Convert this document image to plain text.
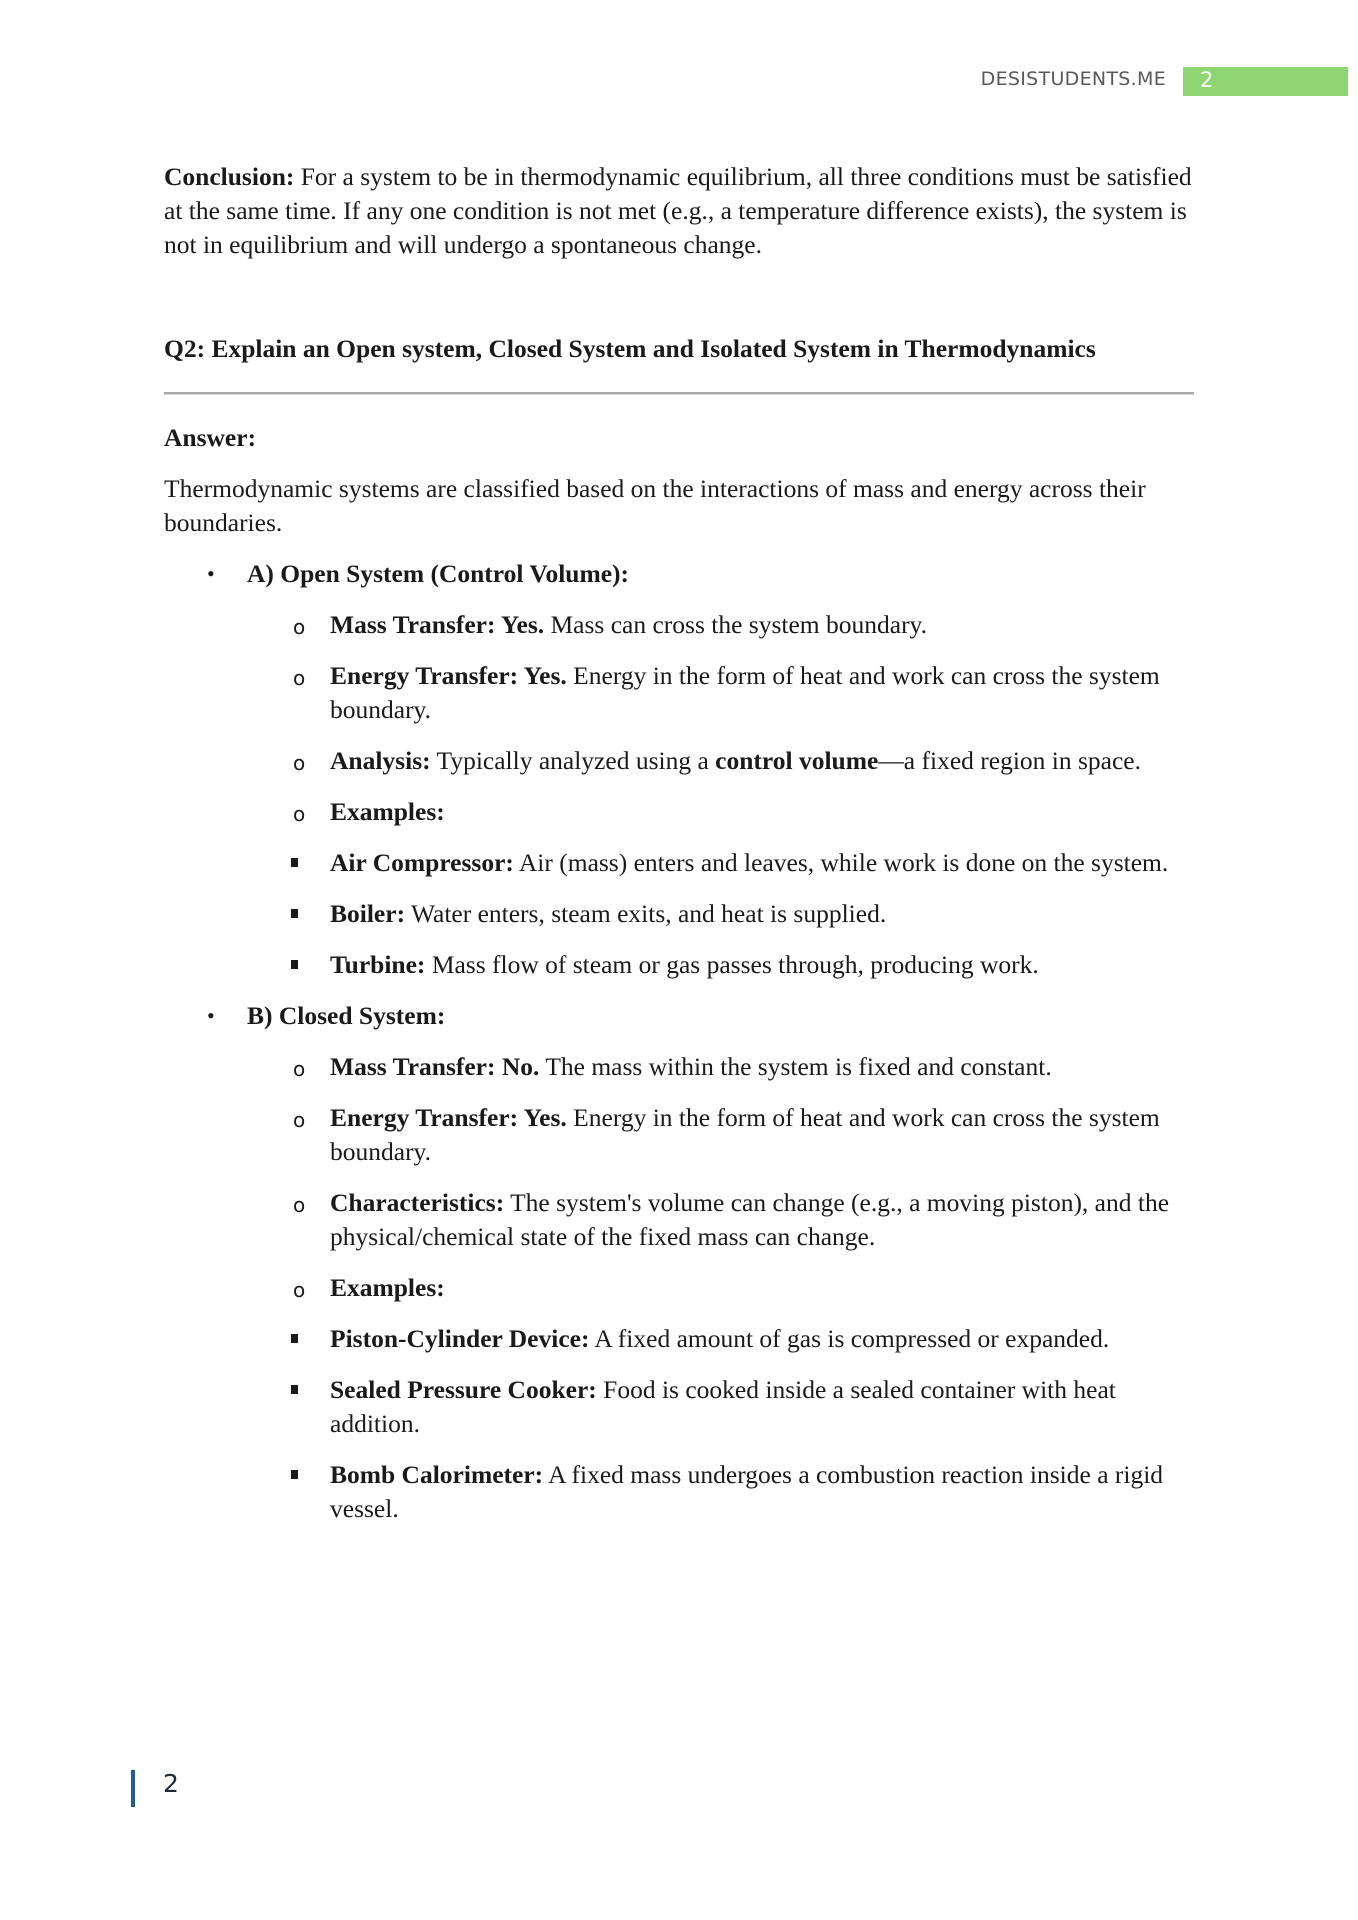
DESISTUDENTS.ME 2

Conclusion: For a system to be in thermodynamic equilibrium, all three conditions must be satisfied at the same time. If any one condition is not met (e.g., a temperature difference exists), the system is not in equilibrium and will undergo a spontaneous change.

Q2: Explain an Open system, Closed System and Isolated System in Thermodynamics

Answer:

Thermodynamic systems are classified based on the interactions of mass and energy across their boundaries.

• A) Open System (Control Volume):
o Mass Transfer: Yes. Mass can cross the system boundary.
o Energy Transfer: Yes. Energy in the form of heat and work can cross the system boundary.
o Analysis: Typically analyzed using a control volume—a fixed region in space.
o Examples:
Air Compressor: Air (mass) enters and leaves, while work is done on the system.
Boiler: Water enters, steam exits, and heat is supplied.
Turbine: Mass flow of steam or gas passes through, producing work.
• B) Closed System:
o Mass Transfer: No. The mass within the system is fixed and constant.
o Energy Transfer: Yes. Energy in the form of heat and work can cross the system boundary.
o Characteristics: The system's volume can change (e.g., a moving piston), and the physical/chemical state of the fixed mass can change.
o Examples:
Piston-Cylinder Device: A fixed amount of gas is compressed or expanded.
Sealed Pressure Cooker: Food is cooked inside a sealed container with heat addition.
Bomb Calorimeter: A fixed mass undergoes a combustion reaction inside a rigid vessel.
2
